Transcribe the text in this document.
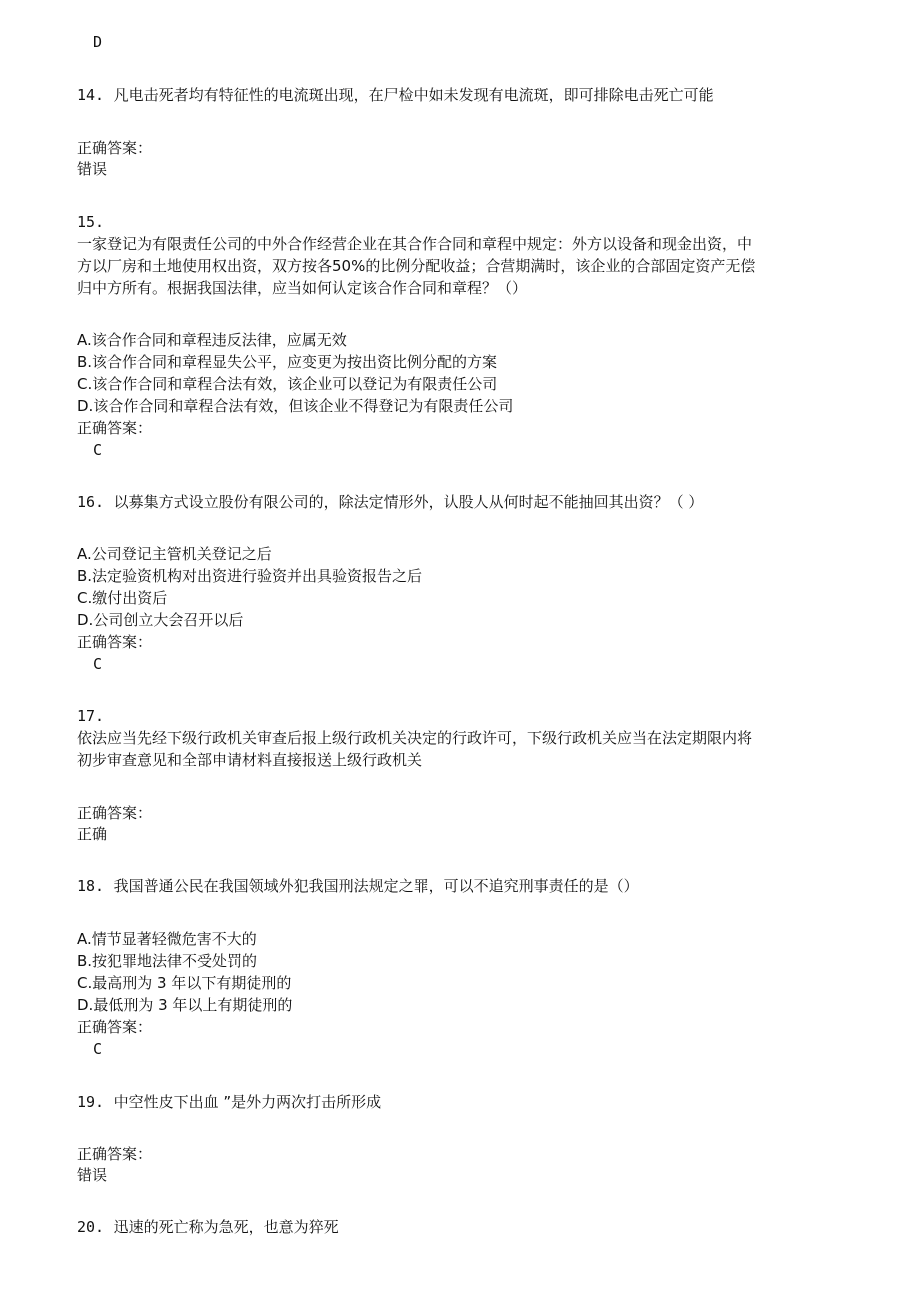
D
14. 凡电击死者均有特征性的电流斑出现，在尸检中如未发现有电流斑，即可排除电击死亡可能
正确答案：
错误
15.
一家登记为有限责任公司的中外合作经营企业在其合作合同和章程中规定：外方以设备和现金出资，中
方以厂房和土地使用权出资，双方按各50%的比例分配收益；合营期满时，该企业的合部固定资产无偿
归中方所有。根据我国法律，应当如何认定该合作合同和章程？（）
A.该合作合同和章程违反法律，应属无效
B.该合作合同和章程显失公平，应变更为按出资比例分配的方案
C.该合作合同和章程合法有效，该企业可以登记为有限责任公司
D.该合作合同和章程合法有效，但该企业不得登记为有限责任公司
正确答案：
C
16. 以募集方式设立股份有限公司的，除法定情形外，认股人从何时起不能抽回其出资？（ ）
A.公司登记主管机关登记之后
B.法定验资机构对出资进行验资并出具验资报告之后
C.缴付出资后
D.公司创立大会召开以后
正确答案：
C
17.
依法应当先经下级行政机关审查后报上级行政机关决定的行政许可，下级行政机关应当在法定期限内将
初步审查意见和全部申请材料直接报送上级行政机关
正确答案：
正确
18. 我国普通公民在我国领域外犯我国刑法规定之罪，可以不追究刑事责任的是（）
A.情节显著轻微危害不大的
B.按犯罪地法律不受处罚的
C.最高刑为 3 年以下有期徒刑的
D.最低刑为 3 年以上有期徒刑的
正确答案：
C
19. 中空性皮下出血 ”是外力两次打击所形成
正确答案：
错误
20. 迅速的死亡称为急死，也意为猝死
